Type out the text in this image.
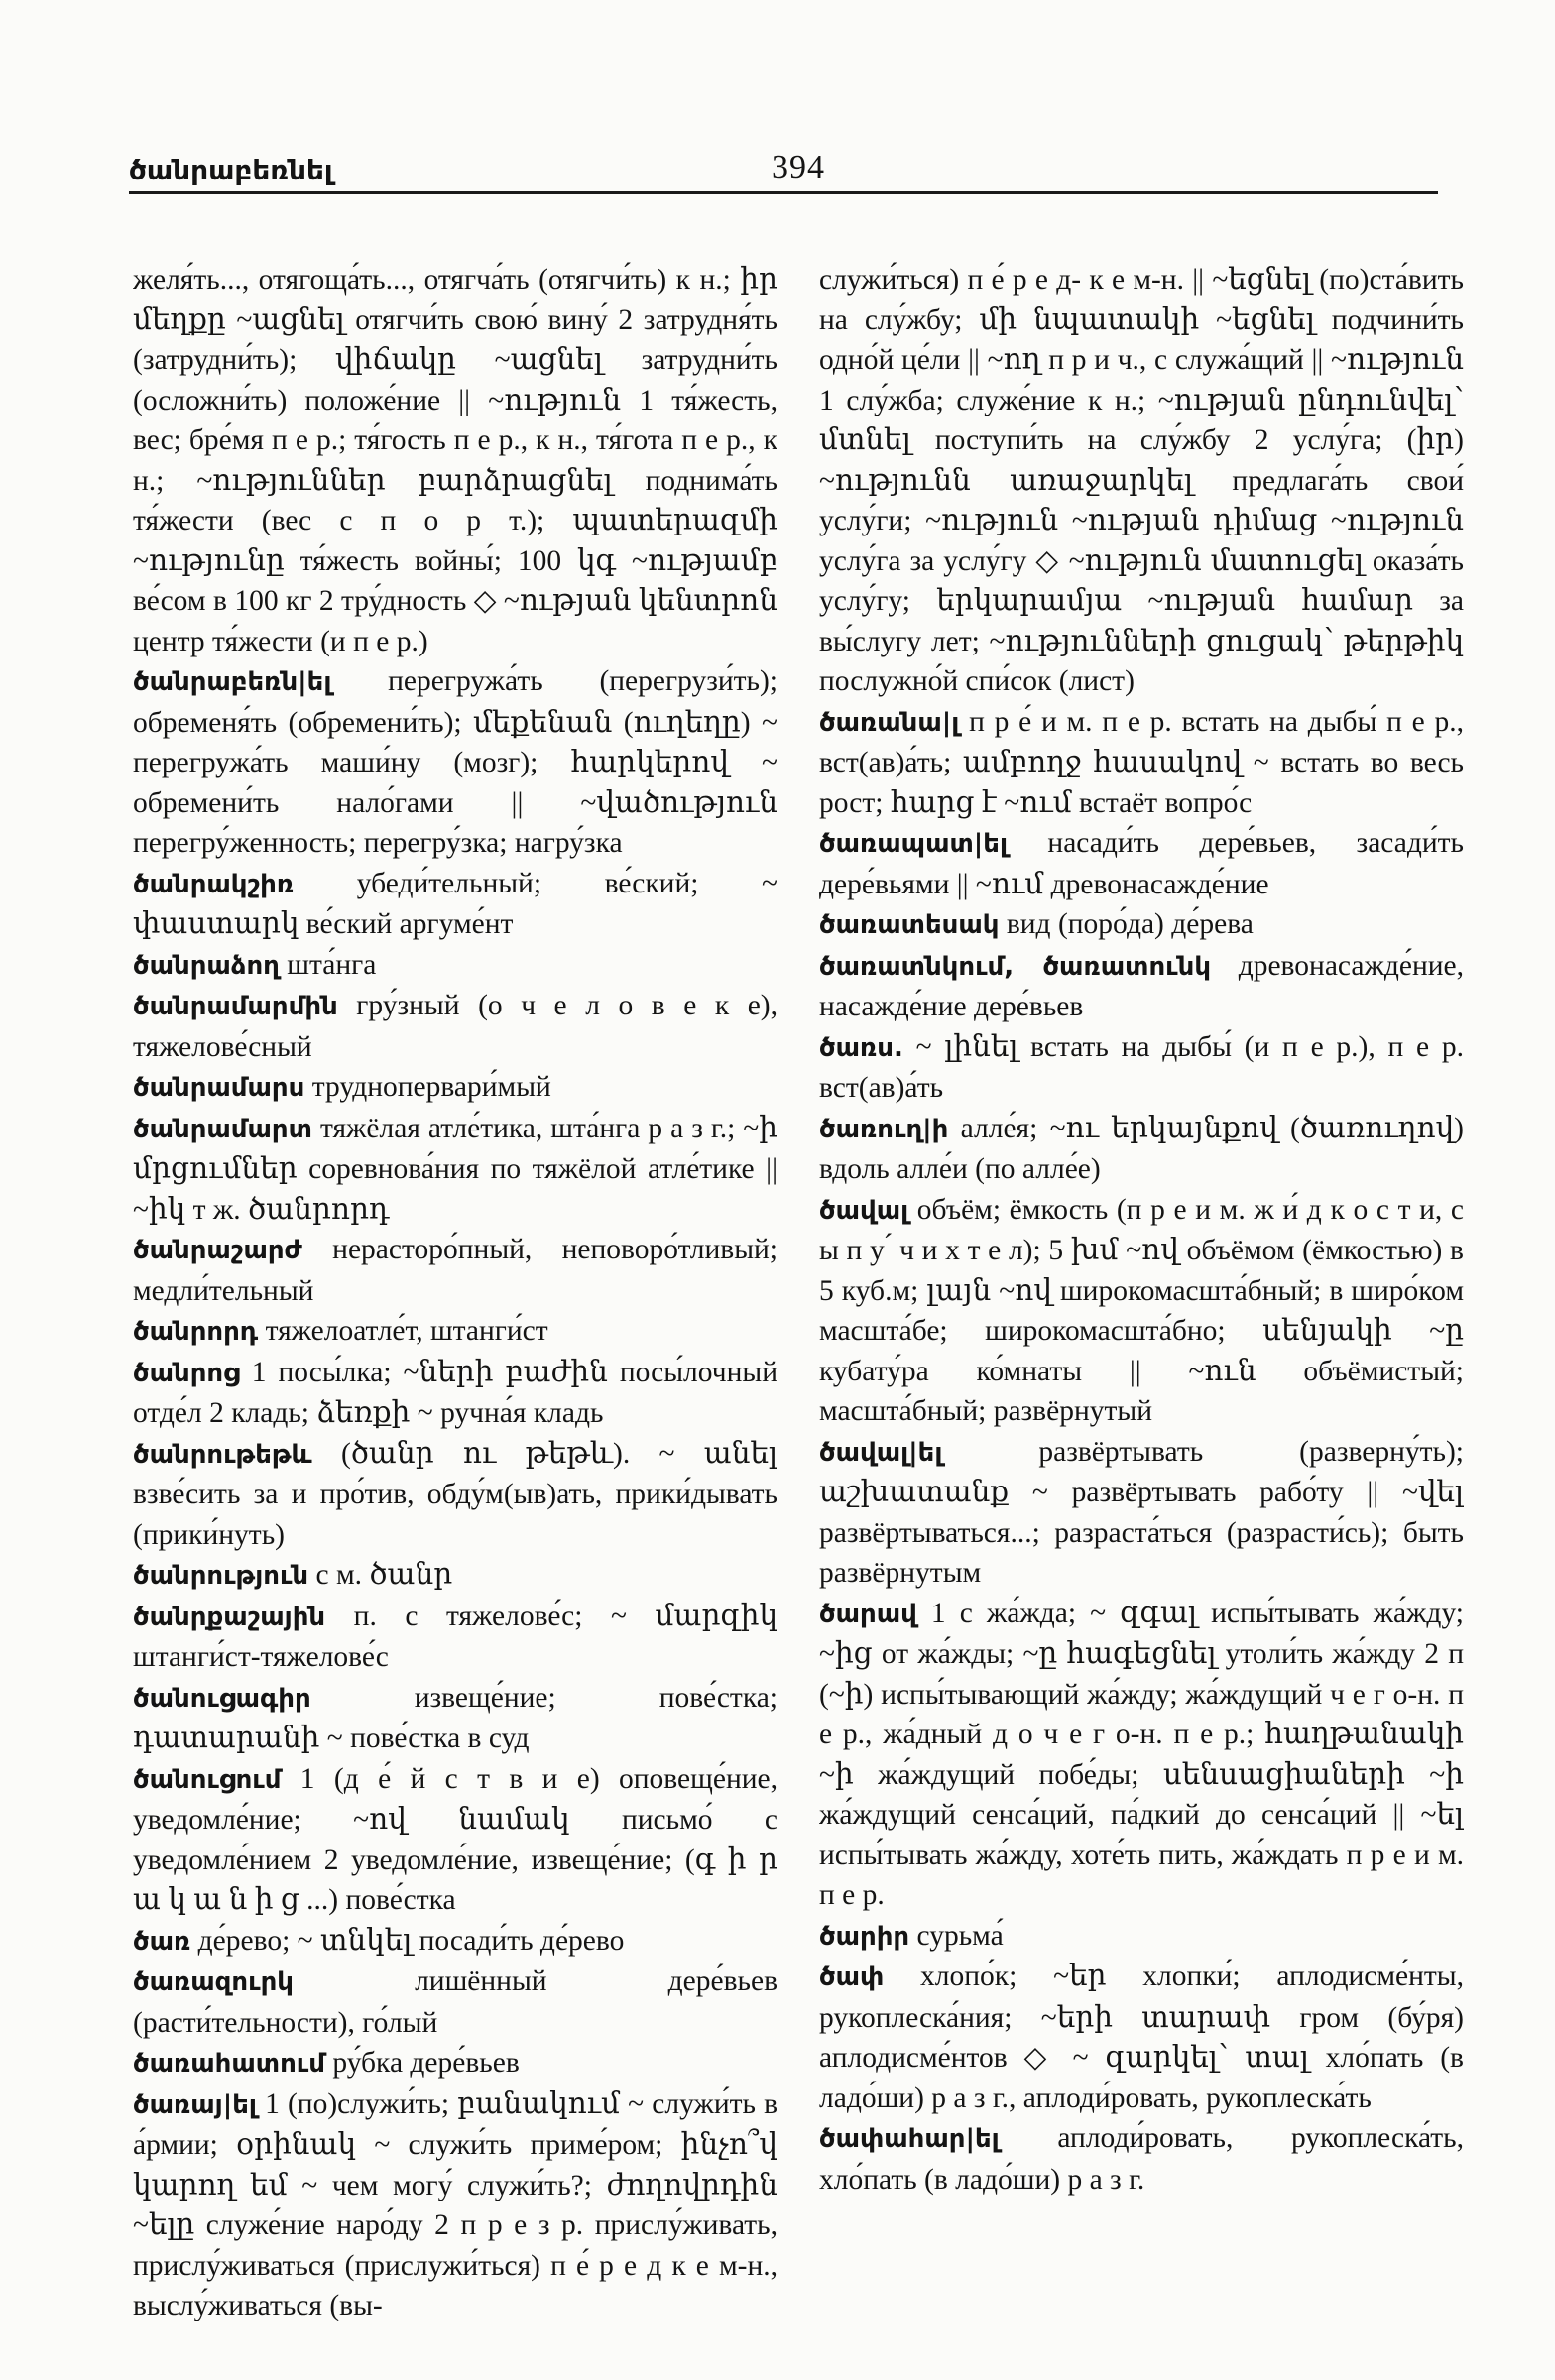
ծանրաբեռնել	394

желя́ть..., отягоща́ть..., отягча́ть (отягчи́ть) к н.; իր մեղքը ~ացնել отягчи́ть свою́ вину́ 2 затрудня́ть (затрудни́ть); վիճակը ~ացնել затрудни́ть (осложни́ть) положе́ние || ~ություն 1 тя́жесть, вес; бре́мя п е р.; тя́гость п е р., к н., тя́гота п е р., к н.; ~ություններ բարձրացնել поднима́ть тя́жести (вес с п о р т.); պատերազմի ~ությունը тя́жесть войны́; 100 կգ ~ությամբ ве́сом в 100 кг 2 тру́дность ◇ ~ության կենտրոն центр тя́жести (и п е р.)

ծանրաբեռն|ել перегружа́ть (перегрузи́ть); обременя́ть (обремени́ть); մեքենան (ուղեղը) ~ перегружа́ть маши́ну (мозг); հարկերով ~ обремени́ть нало́гами || ~վածություն перегру́женность; перегру́зка; нагру́зка

ծանրակշիռ убеди́тельный; ве́ский; ~ փաստարկ ве́ский аргуме́нт

ծանրաձող шта́нга

ծանրամարմին гру́зный (о ч е л о в е к е), тяжелове́сный

ծանրամարս труднопервари́мый

ծանրամարտ тяжёлая атле́тика, шта́нга р а з г.; ~ի մրցումներ соревнова́ния по тяжёлой атле́тике || ~իկ т ж. ծանրորդ

ծանրաշարժ нерасторо́пный, неповоро́тливый; медли́тельный

ծանրորդ тяжелоатле́т, штанги́ст

ծանրոց 1 посы́лка; ~ների բաժին посы́лочный отде́л 2 кладь; ձեռքի ~ ручна́я кладь

ծանրութեթև (ծանր ու թեթև). ~ անել взве́сить за и про́тив, обду́м(ыв)ать, прики́дывать (прики́нуть)

ծանրություն с м. ծանր

ծանրքաշային п. с тяжелове́с; ~ մարզիկ штанги́ст-тяжелове́с

ծանուցագիր	извеще́ние; пове́стка; դատարանի ~ пове́стка в суд

ծանուցում 1 (д е́ й с т в и е) оповеще́ние, уведомле́ние; ~ով նամակ письмо́ с уведомле́нием 2 уведомле́ние, извеще́ние; (գ ի ր ա կ ա ն ի ց ...) пове́стка

ծառ де́рево; ~ տնկել посади́ть де́рево

ծառազուրկ	лишённый дере́вьев (расти́тельности), го́лый

ծառահատում ру́бка дере́вьев

ծառայ|ել 1 (по)служи́ть; բանակում ~ служи́ть в а́рмии; օրինակ ~ служи́ть приме́ром; ինչո՞վ կարող եմ ~ чем могу́ служи́ть?; ժողովրդին ~ելը служе́ние наро́ду 2 п р е з р. прислу́живать, прислу́живаться (прислужи́ться) п е́ р е д к е м-н., выслу́живаться (вы-

служи́ться) п е́ р е д- к е м-н. || ~եցնել (по)ста́вить на слу́жбу; մի նպատակի ~եցնել подчини́ть одно́й це́ли || ~ող п р и ч., с служа́щий || ~ություն 1 слу́жба; служе́ние к н.; ~ության ընդունվել՝ մտնել поступи́ть на слу́жбу 2 услу́га; (իր) ~ությունն առաջարկել предлага́ть свои́ услу́ги; ~ություն ~ության դիմաց ~ություն услу́га за услу́гу ◇ ~ություն մատուցել оказа́ть услу́гу; երկարամյա ~ության համար за вы́слугу лет; ~ությունների ցուցակ՝ թերթիկ послужно́й спи́сок (лист)

ծառանա|լ п р е́ и м. п е р. встать на дыбы́ п е р., вст(ав)а́ть; ամբողջ հասակով ~ встать во весь рост; հարց է ~ում встаёт вопро́с

ծառապատ|ել насади́ть дере́вьев, засади́ть дере́вьями || ~ում древонасажде́ние

ծառատեսակ вид (поро́да) де́рева

ծառատնկում, ծառատունկ древонасажде́ние, насажде́ние дере́вьев

ծառս. ~ լինել встать на дыбы́ (и п е р.), п е р. вст(ав)а́ть

ծառուղ|ի алле́я; ~ու երկայնքով (ծառուղով) вдоль алле́и (по алле́е)

ծավալ объём; ёмкость (п р е и м. ж и́ д к о с т и, с ы п у ́ ч и х т е л); 5 խմ ~ով объёмом (ёмкостью) в 5 куб.м; լայն ~ով широкомасшта́бный; в широ́ком масшта́бе; широкомасшта́бно; սենյակի ~ը кубату́ра ко́мнаты || ~ուն объёмистый; масшта́бный; развёрнутый

ծավալ|ել	развёртывать (разверну́ть); աշխատանք ~ развёртывать рабо́ту || ~վել развёртываться...; разраста́ться (разрасти́сь); быть развёрнутым

ծարավ 1 с жа́жда; ~ զգալ испы́тывать жа́жду; ~ից от жа́жды; ~ը հագեցնել утоли́ть жа́жду 2 п (~ի) испы́тывающий жа́жду; жа́ждущий ч е г о-н. п е р., жа́дный д о ч е г о-н. п е р.; հաղթանակի ~ի жа́ждущий побе́ды; սենսացիաների ~ի жа́ждущий сенса́ций, па́дкий до сенса́ций || ~ել испы́тывать жа́жду, хоте́ть пить, жа́ждать п р е и м. п е р.

ծարիր сурьма́

ծափ хлопо́к; ~եր хлопки́; аплодисме́нты, рукоплеска́ния; ~երի տարափ гром (бу́ря) аплодисме́нтов ◇ ~ զարկել՝ տալ хло́пать (в ладо́ши) р а з г., аплоди́ровать, рукоплеска́ть

ծափահար|ել аплоди́ровать, рукоплеска́ть, хло́пать (в ладо́ши) р а з г.
